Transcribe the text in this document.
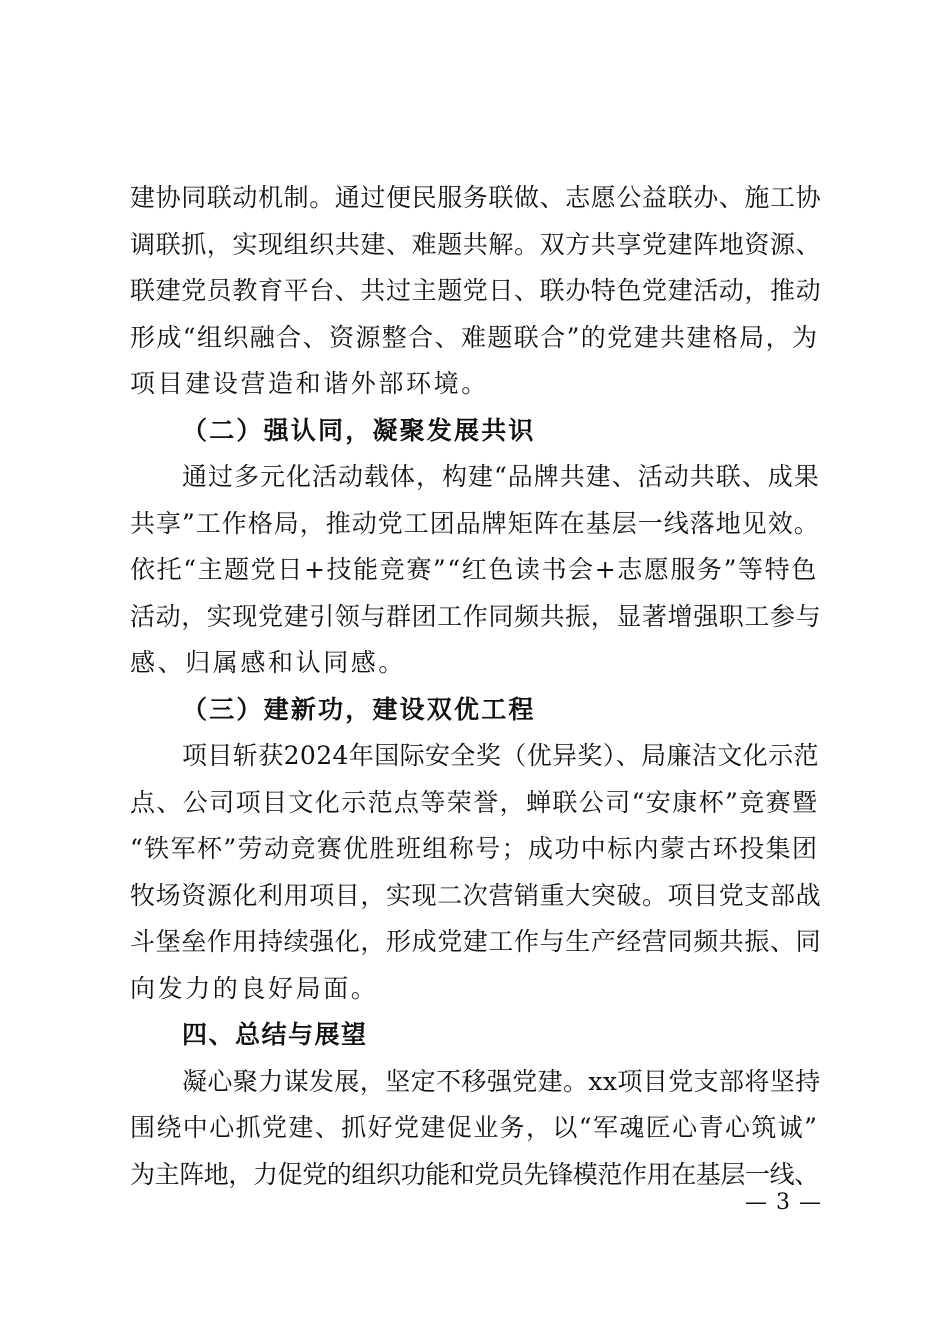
建协同联动机制。通过便民服务联做、志愿公益联办、施工协
调联抓，实现组织共建、难题共解。双方共享党建阵地资源、
联建党员教育平台、共过主题党日、联办特色党建活动，推动
形成“组织融合、资源整合、难题联合”的党建共建格局，为
项目建设营造和谐外部环境。
（二）强认同，凝聚发展共识
通过多元化活动载体，构建“品牌共建、活动共联、成果
共享”工作格局，推动党工团品牌矩阵在基层一线落地见效。
依托“主题党日+技能竞赛”“红色读书会+志愿服务”等特色
活动，实现党建引领与群团工作同频共振，显著增强职工参与
感、归属感和认同感。
（三）建新功，建设双优工程
项目斩获2024年国际安全奖（优异奖）、局廉洁文化示范
点、公司项目文化示范点等荣誉，蝉联公司“安康杯”竞赛暨
“铁军杯”劳动竞赛优胜班组称号；成功中标内蒙古环投集团
牧场资源化利用项目，实现二次营销重大突破。项目党支部战
斗堡垒作用持续强化，形成党建工作与生产经营同频共振、同
向发力的良好局面。
四、总结与展望
凝心聚力谋发展，坚定不移强党建。xx项目党支部将坚持
围绕中心抓党建、抓好党建促业务，以“军魂匠心青心筑诚”
为主阵地，力促党的组织功能和党员先锋模范作用在基层一线、
— 3 —
